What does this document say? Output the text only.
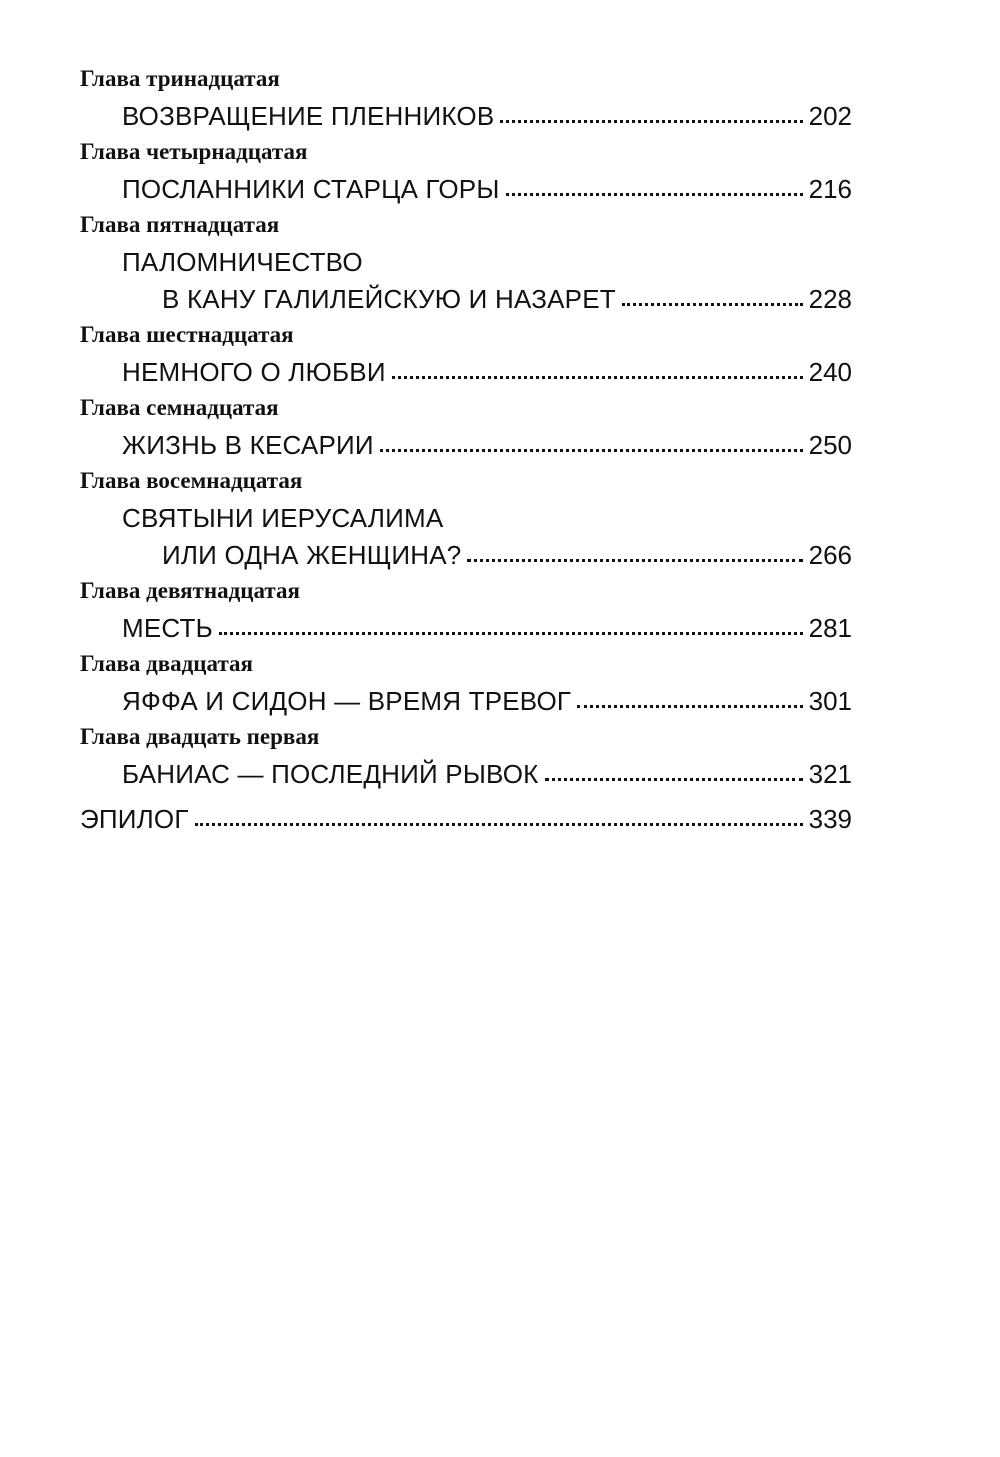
Глава тринадцатая
ВОЗВРАЩЕНИЕ ПЛЕННИКОВ	202
Глава четырнадцатая
ПОСЛАННИКИ СТАРЦА ГОРЫ	216
Глава пятнадцатая
ПАЛОМНИЧЕСТВО
В КАНУ ГАЛИЛЕЙСКУЮ И НАЗАРЕТ	228
Глава шестнадцатая
НЕМНОГО О ЛЮБВИ	240
Глава семнадцатая
ЖИЗНЬ В КЕСАРИИ	250
Глава восемнадцатая
СВЯТЫНИ ИЕРУСАЛИМА
ИЛИ ОДНА ЖЕНЩИНА?	266
Глава девятнадцатая
МЕСТЬ	281
Глава двадцатая
ЯФФА И СИДОН — ВРЕМЯ ТРЕВОГ	301
Глава двадцать первая
БАНИАС — ПОСЛЕДНИЙ РЫВОК	321
ЭПИЛОГ	339
